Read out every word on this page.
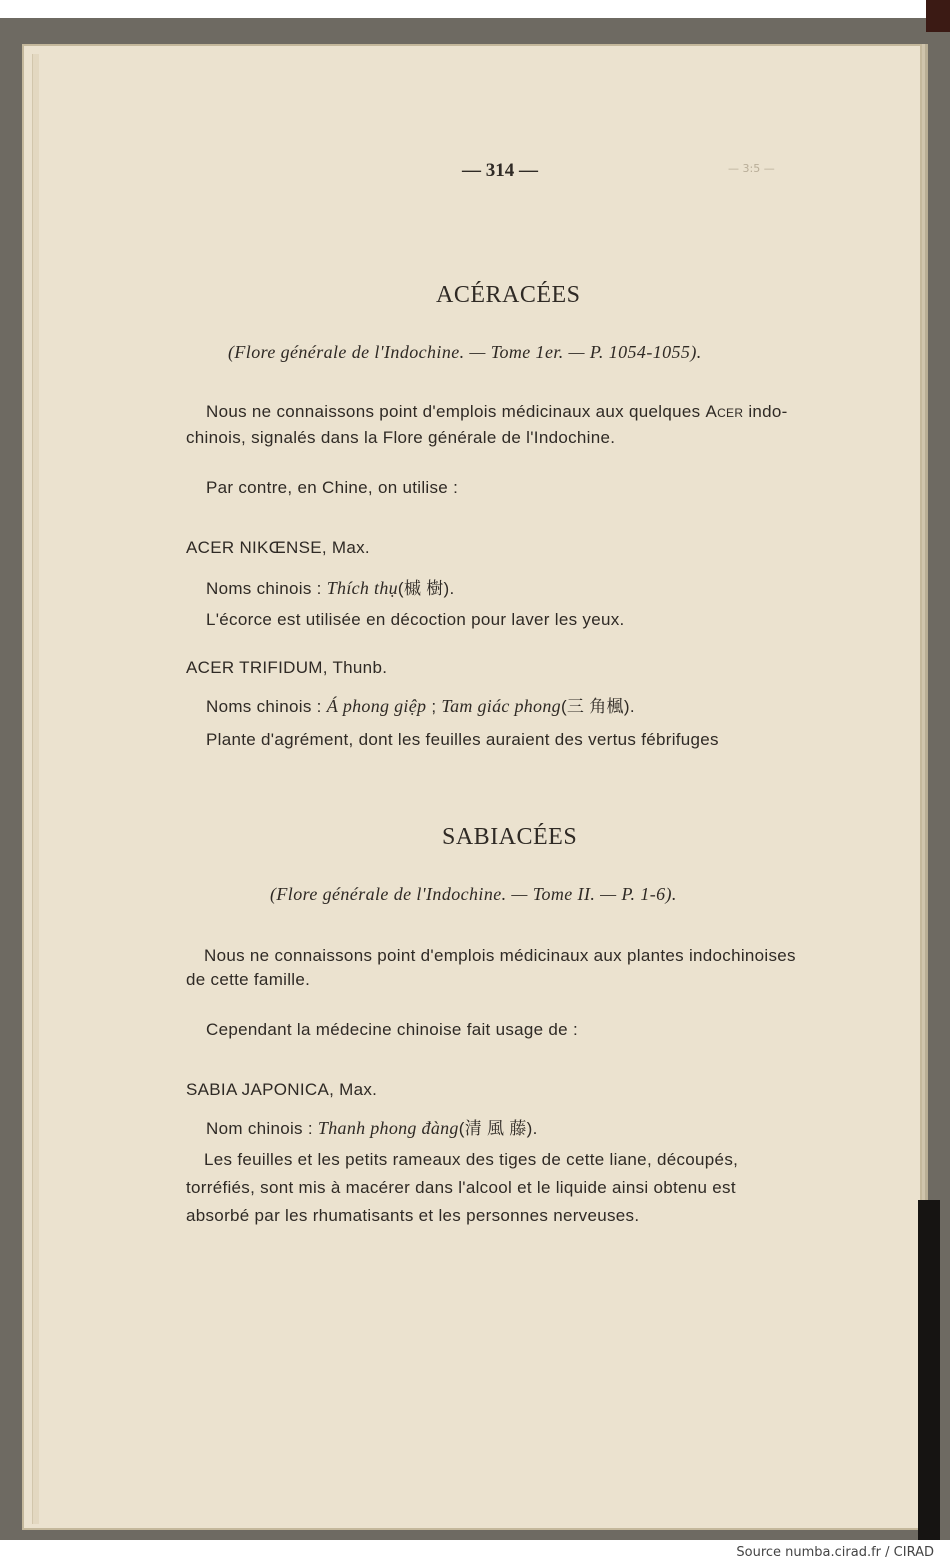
— 3:5 —

— 314 —

ACÉRACÉES

(Flore générale de l'Indochine. — Tome 1er. — P. 1054-1055).

Nous ne connaissons point d'emplois médicinaux aux quelques Acer indo-

chinois, signalés dans la Flore générale de l'Indochine.

Par contre, en Chine, on utilise :

ACER NIKŒNSE, Max.

Noms chinois : Thích thụ(槭 樹).

L'écorce est utilisée en décoction pour laver les yeux.

ACER TRIFIDUM, Thunb.

Noms chinois : Á phong giệp ; Tam giác phong(三 角楓).

Plante d'agrément, dont les feuilles auraient des vertus fébrifuges

SABIACÉES

(Flore générale de l'Indochine. — Tome II. — P. 1-6).

Nous ne connaissons point d'emplois médicinaux aux plantes indochinoises

de cette famille.

Cependant la médecine chinoise fait usage de :

SABIA JAPONICA, Max.

Nom chinois : Thanh phong đàng(清 風 藤).

Les feuilles et les petits rameaux des tiges de cette liane, découpés,

torréfiés, sont mis à macérer dans l'alcool et le liquide ainsi obtenu est

absorbé par les rhumatisants et les personnes nerveuses.

Source numba.cirad.fr / CIRAD
